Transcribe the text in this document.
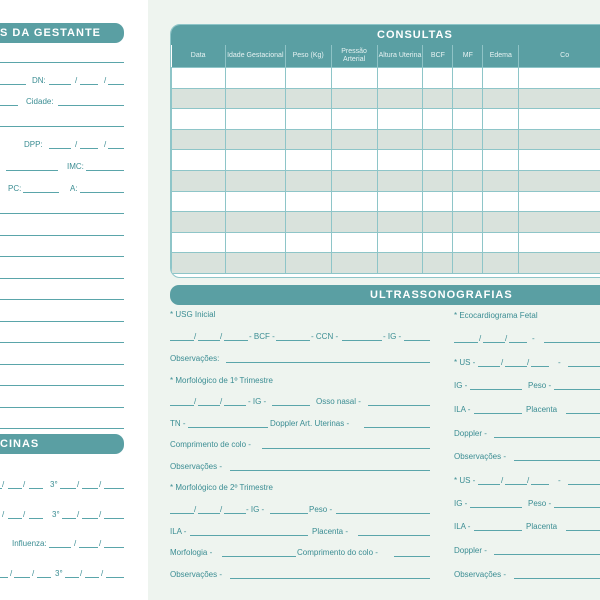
S DA GESTANTE
DN:	/	/
Cidade:
DPP:	/	/
IMC:
PC:	A:
CINAS
/ /	3° / /
/ /	3° / /
Influenza:	/	/
/ /	3° / /
CONSULTAS
Data	Idade Gestacional	Peso (Kg)	Pressão Arterial	Altura Uterina	BCF	MF	Edema	Co

ULTRASSONOGRAFIAS
* USG Inicial
/	/	- BCF -	- CCN -	- IG -
Observações:
* Morfológico de 1º Trimestre
/	/	- IG -	Osso nasal -
TN -	Doppler Art. Uterinas -
Comprimento de colo -
Observações -
* Morfológico de 2º Trimestre
/	/	- IG -	Peso -
ILA -	Placenta -
Morfologia -	Comprimento do colo -
Observações -
* Ecocardiograma Fetal
/	/	-
* US -	/	/	-
IG -	Peso -
ILA -	Placenta
Doppler -
Observações -
* US -	/	/	-
IG -	Peso -
ILA -	Placenta
Doppler -
Observações -
